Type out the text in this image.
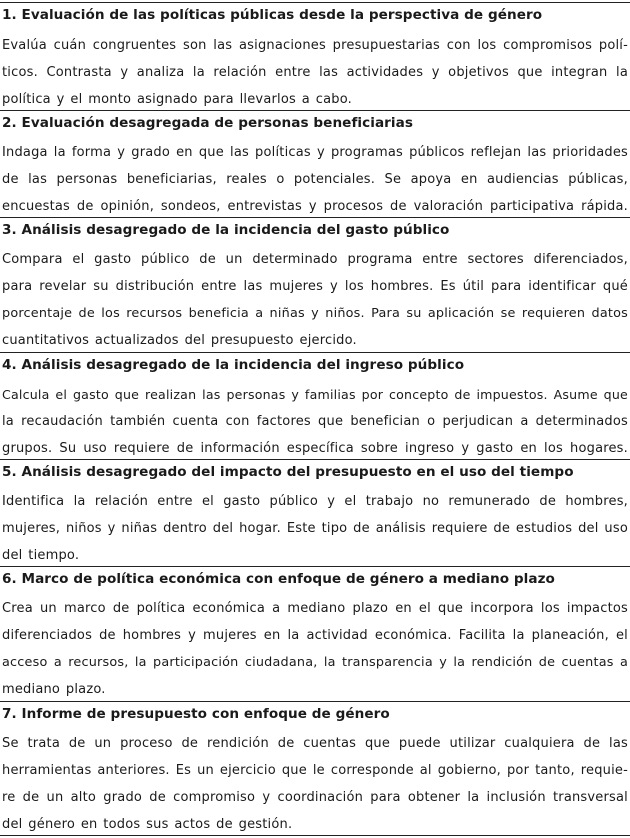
1. Evaluación de las políticas públicas desde la perspectiva de género
Evalúa cuán congruentes son las asignaciones presupuestarias con los compromisos polí-
ticos. Contrasta y analiza la relación entre las actividades y objetivos que integran la
política y el monto asignado para llevarlos a cabo.
2. Evaluación desagregada de personas beneficiarias
Indaga la forma y grado en que las políticas y programas públicos reflejan las prioridades
de las personas beneficiarias, reales o potenciales. Se apoya en audiencias públicas,
encuestas de opinión, sondeos, entrevistas y procesos de valoración participativa rápida.
3. Análisis desagregado de la incidencia del gasto público
Compara el gasto público de un determinado programa entre sectores diferenciados,
para revelar su distribución entre las mujeres y los hombres. Es útil para identificar qué
porcentaje de los recursos beneficia a niñas y niños. Para su aplicación se requieren datos
cuantitativos actualizados del presupuesto ejercido.
4. Análisis desagregado de la incidencia del ingreso público
Calcula el gasto que realizan las personas y familias por concepto de impuestos. Asume que
la recaudación también cuenta con factores que benefician o perjudican a determinados
grupos. Su uso requiere de información específica sobre ingreso y gasto en los hogares.
5. Análisis desagregado del impacto del presupuesto en el uso del tiempo
Identifica la relación entre el gasto público y el trabajo no remunerado de hombres,
mujeres, niños y niñas dentro del hogar. Este tipo de análisis requiere de estudios del uso
del tiempo.
6. Marco de política económica con enfoque de género a mediano plazo
Crea un marco de política económica a mediano plazo en el que incorpora los impactos
diferenciados de hombres y mujeres en la actividad económica. Facilita la planeación, el
acceso a recursos, la participación ciudadana, la transparencia y la rendición de cuentas a
mediano plazo.
7. Informe de presupuesto con enfoque de género
Se trata de un proceso de rendición de cuentas que puede utilizar cualquiera de las
herramientas anteriores. Es un ejercicio que le corresponde al gobierno, por tanto, requie-
re de un alto grado de compromiso y coordinación para obtener la inclusión transversal
del género en todos sus actos de gestión.
